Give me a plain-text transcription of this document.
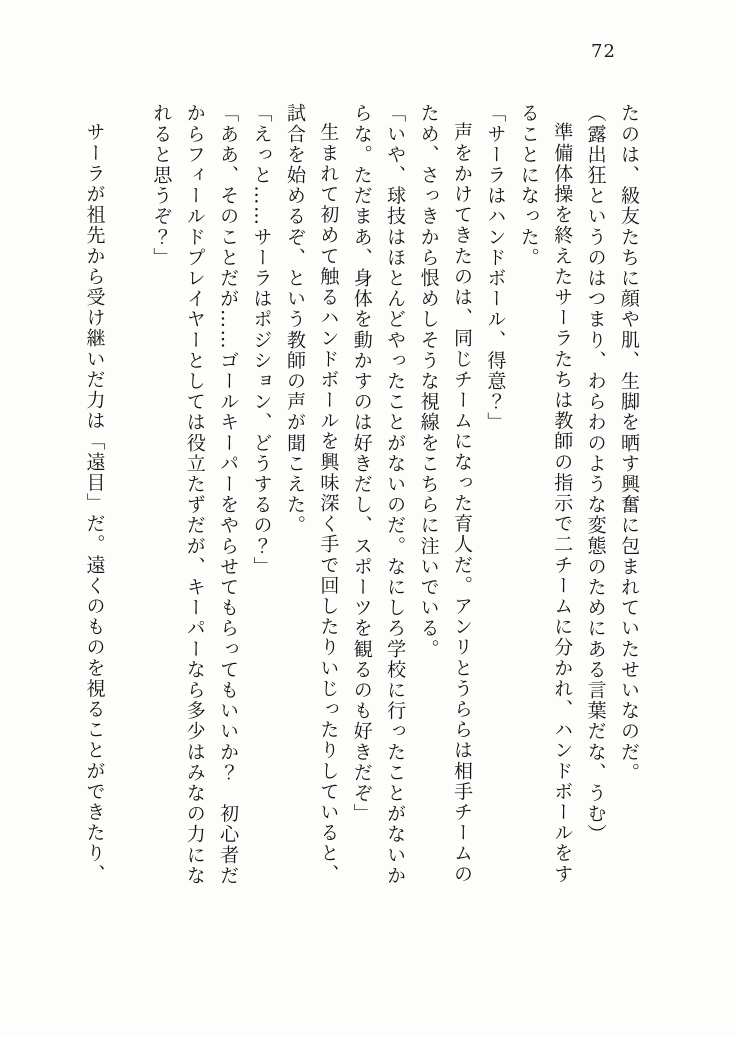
72
たのは、級友たちに顔や肌、生脚を晒す興奮に包まれていたせいなのだ。
（露出狂というのはつまり、わらわのような変態のためにある言葉だな、うむ）
準備体操を終えたサーラたちは教師の指示で二チームに分かれ、ハンドボールをす
ることになった。
「サーラはハンドボール、得意？」
声をかけてきたのは、同じチームになった育人だ。アンリとうららは相手チームの
ため、さっきから恨めしそうな視線をこちらに注いでいる。
「いや、球技はほとんどやったことがないのだ。なにしろ学校に行ったことがないか
らな。ただまあ、身体を動かすのは好きだし、スポーツを観るのも好きだぞ」
生まれて初めて触るハンドボールを興味深く手で回したりいじったりしていると、
試合を始めるぞ、という教師の声が聞こえた。
「えっと……サーラはポジション、どうするの？」
「ああ、そのことだが……ゴールキーパーをやらせてもらってもいいか？　初心者だ
からフィールドプレイヤーとしては役立たずだが、キーパーなら多少はみなの力にな
れると思うぞ？」
サーラが祖先から受け継いだ力は「遠目」だ。遠くのものを視ることができたり、
